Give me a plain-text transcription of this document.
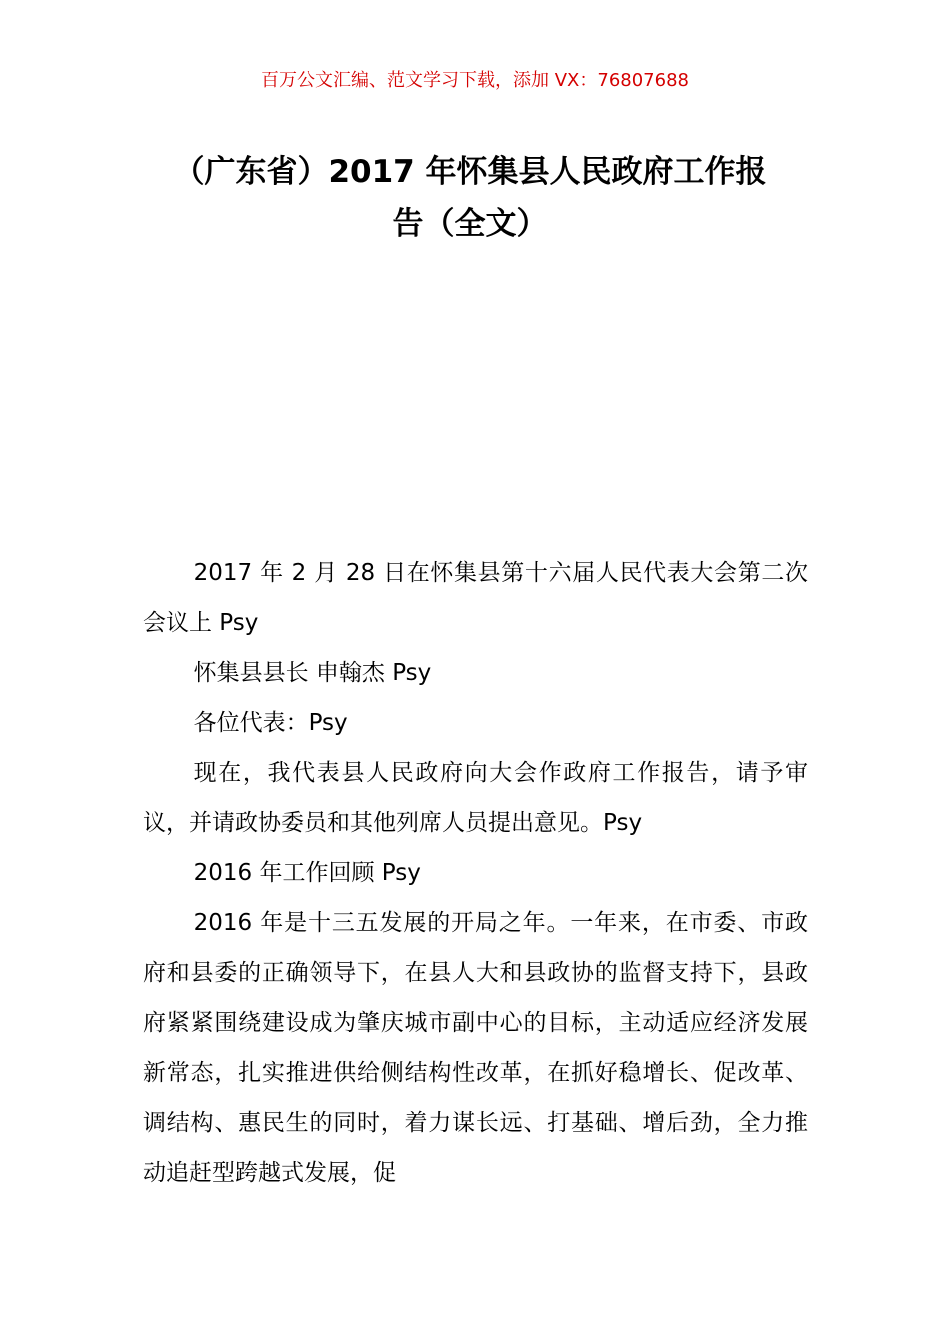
百万公文汇编、范文学习下载，添加 VX：76807688

（广东省）2017 年怀集县人民政府工作报
告（全文）

2017 年 2 月 28 日在怀集县第十六届人民代表大会第二次会议上 Psy

怀集县县长 申翰杰 Psy

各位代表：Psy

现在，我代表县人民政府向大会作政府工作报告，请予审议，并请政协委员和其他列席人员提出意见。Psy

2016 年工作回顾 Psy

2016 年是十三五发展的开局之年。一年来，在市委、市政府和县委的正确领导下，在县人大和县政协的监督支持下，县政府紧紧围绕建设成为肇庆城市副中心的目标，主动适应经济发展新常态，扎实推进供给侧结构性改革，在抓好稳增长、促改革、调结构、惠民生的同时，着力谋长远、打基础、增后劲，全力推动追赶型跨越式发展，促
